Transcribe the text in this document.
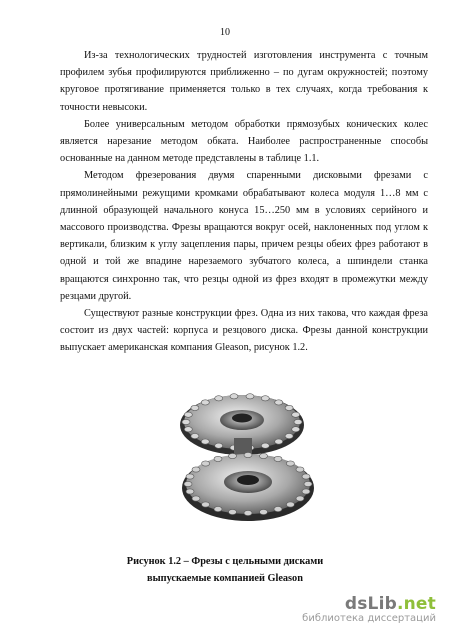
10

Из-за технологических трудностей изготовления инструмента с точным профилем зубья профилируются приближенно – по дугам окружностей; поэтому круговое протягивание применяется только в тех случаях, когда требования к точности невысоки.

Более универсальным методом обработки прямозубых конических колес является нарезание методом обката. Наиболее распространенные способы основанные на данном методе представлены в таблице 1.1.

Методом фрезерования двумя спаренными дисковыми фрезами с прямолинейными режущими кромками обрабатывают колеса модуля 1…8 мм с длинной образующей начального конуса 15…250 мм в условиях серийного и массового производства. Фрезы вращаются вокруг осей, наклоненных под углом к вертикали, близким к углу зацепления пары, причем резцы обеих фрез работают в одной и той же впадине нарезаемого зубчатого колеса, а шпиндели станка вращаются синхронно так, что резцы одной из фрез входят в промежутки между резцами другой.

Существуют разные конструкции фрез. Одна из них такова, что каждая фреза состоит из двух частей: корпуса и резцового диска. Фрезы данной конструкции выпускает американская компания Gleason, рисунок 1.2.

Рисунок 1.2 – Фрезы с цельными дисками
выпускаемые компанией Gleason
dsLib.net
библиотека диссертаций
